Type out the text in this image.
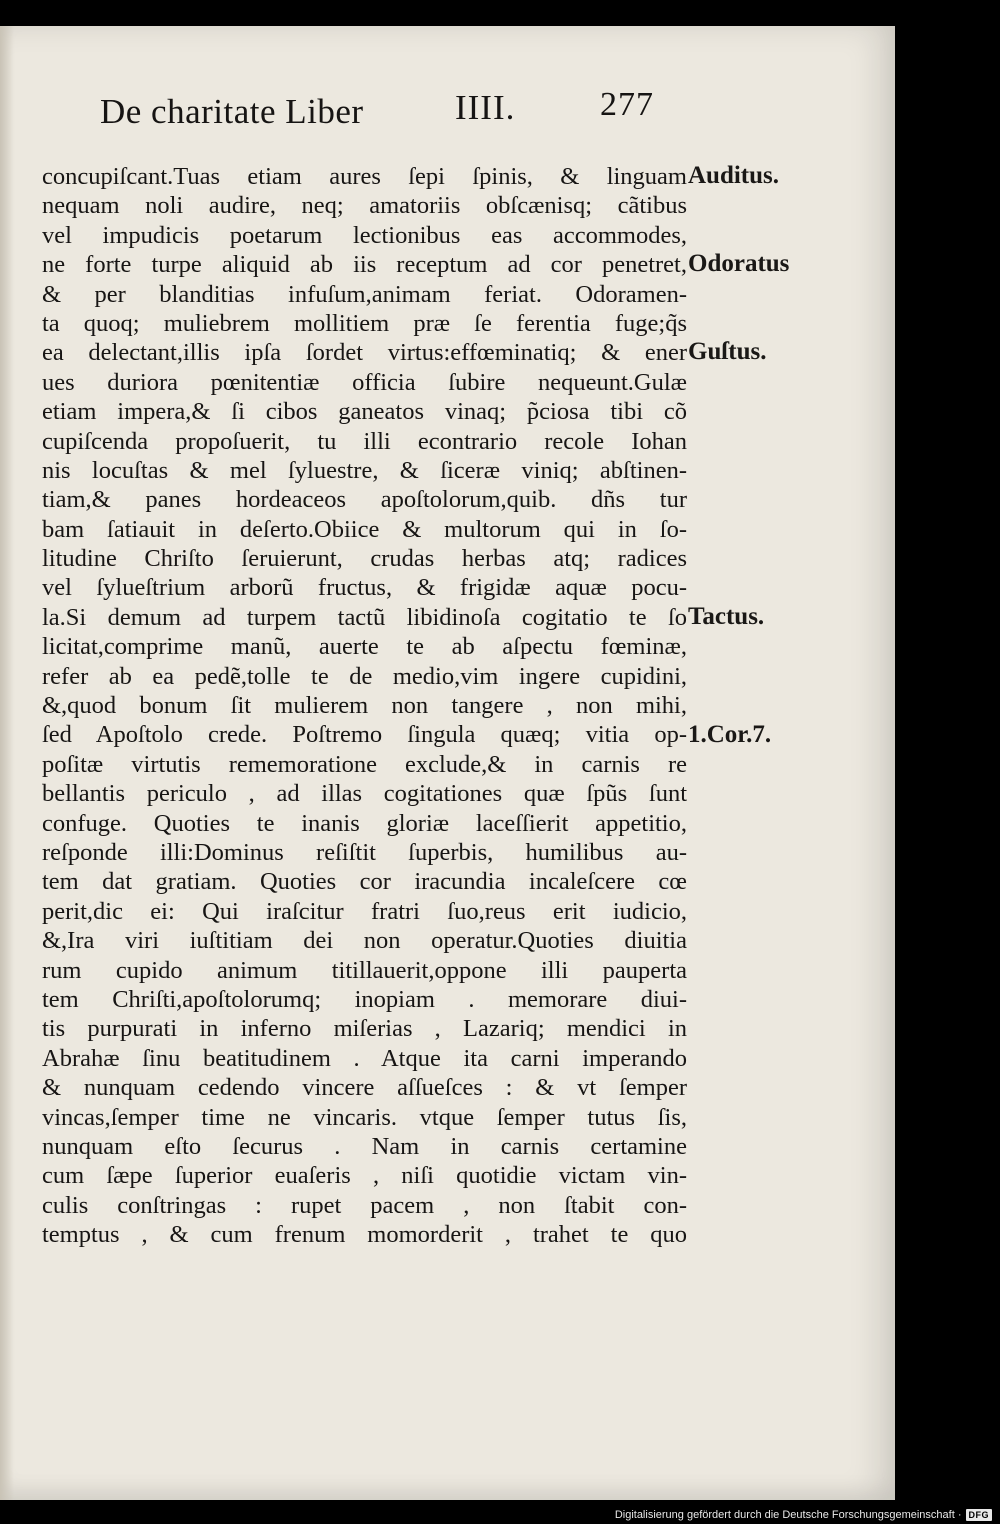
De charitate Liber	IIII. 277
concupiſcant.Tuas etiam aures ſepi ſpinis, & linguam
nequam noli audire, neq; amatoriis obſcænisq; cãtibus
vel impudicis poetarum lectionibus eas accommodes,
ne forte turpe aliquid ab iis receptum ad cor penetret,
& per blanditias infuſum,animam feriat. Odoramen-
ta quoq; muliebrem mollitiem præ ſe ferentia fuge;q̃s
ea delectant,illis ipſa ſordet virtus:effœminatiq; & ener
ues duriora pœnitentiæ officia ſubire nequeunt.Gulæ
etiam impera,& ſi cibos ganeatos vinaq; p̃ciosa tibi cõ
cupiſcenda propoſuerit, tu illi econtrario recole Iohan
nis locuſtas & mel ſyluestre, & ſiceræ viniq; abſtinen-
tiam,& panes hordeaceos apoſtolorum,quib. dñs tur
bam ſatiauit in deſerto.Obiice & multorum qui in ſo-
litudine Chriſto ſeruierunt, crudas herbas atq; radices
vel ſylueſtrium arborũ fructus, & frigidæ aquæ pocu-
la.Si demum ad turpem tactũ libidinoſa cogitatio te ſo
licitat,comprime manũ, auerte te ab aſpectu fœminæ,
refer ab ea pedẽ,tolle te de medio,vim ingere cupidini,
&,quod bonum ſit mulierem non tangere , non mihi,
ſed Apoſtolo crede. Poſtremo ſingula quæq; vitia op-
poſitæ virtutis rememoratione exclude,& in carnis re
bellantis periculo , ad illas cogitationes quæ ſpũs ſunt
confuge. Quoties te inanis gloriæ laceſſierit appetitio,
reſponde illi:Dominus reſiſtit ſuperbis, humilibus au-
tem dat gratiam. Quoties cor iracundia incaleſcere cœ
perit,dic ei: Qui iraſcitur fratri ſuo,reus erit iudicio,
&,Ira viri iuſtitiam dei non operatur.Quoties diuitia
rum cupido animum titillauerit,oppone illi pauperta
tem Chriſti,apoſtolorumq; inopiam . memorare diui-
tis purpurati in inferno miſerias , Lazariq; mendici in
Abrahæ ſinu beatitudinem . Atque ita carni imperando
& nunquam cedendo vincere aſſueſces : & vt ſemper
vincas,ſemper time ne vincaris. vtque ſemper tutus ſis,
nunquam eſto ſecurus . Nam in carnis certamine
cum ſæpe ſuperior euaſeris , niſi quotidie victam vin-
culis conſtringas : rupet pacem , non ſtabit con-
temptus , & cum frenum momorderit , trahet te quo
Auditus.
Odoratus
Guſtus.
Tactus.
1.Cor.7.
Digitalisierung gefördert durch die Deutsche Forschungsgemeinschaft · DFG
